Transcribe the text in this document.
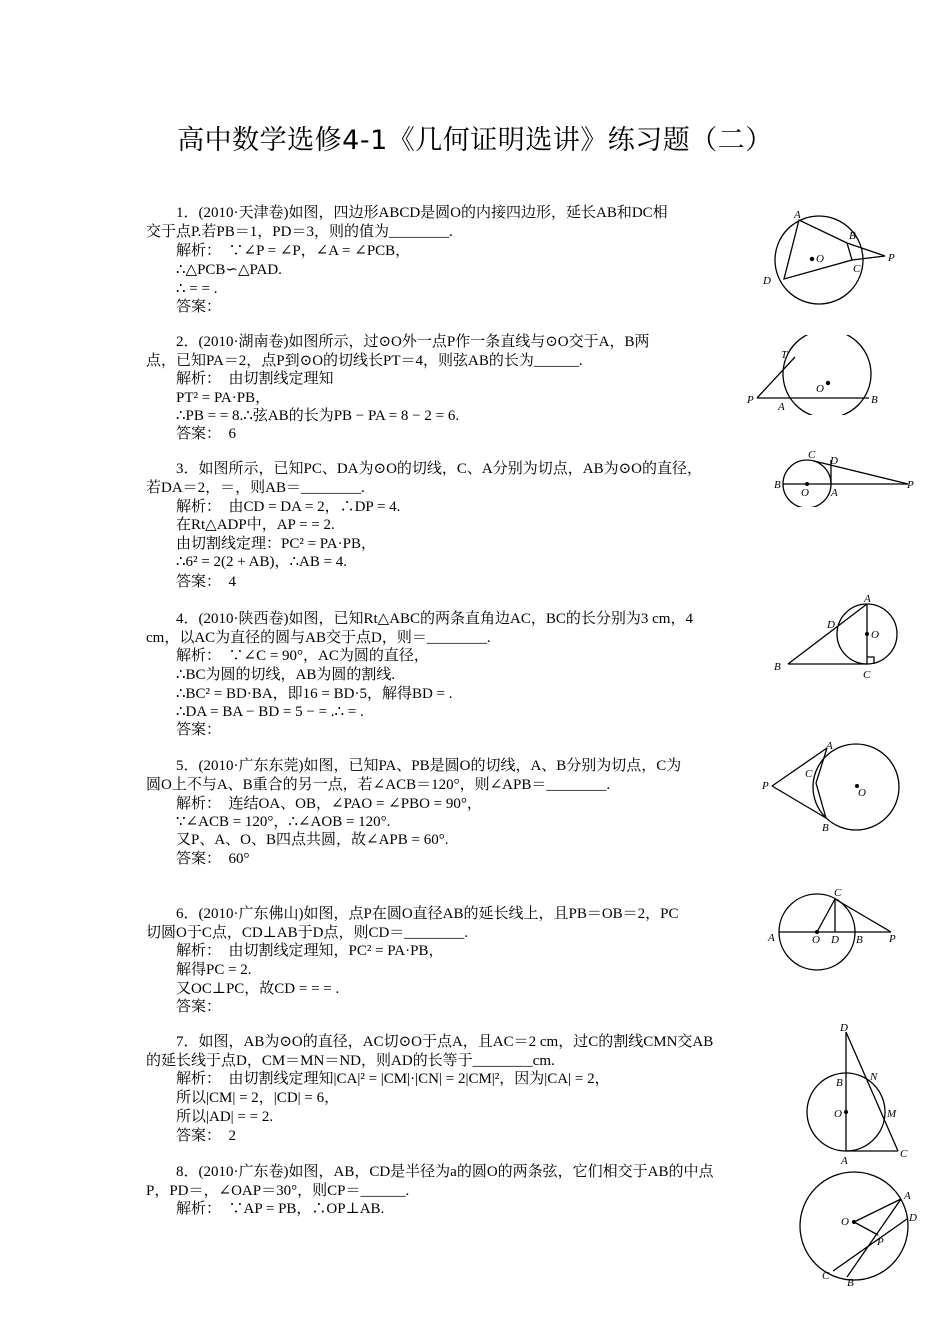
高中数学选修4-1《几何证明选讲》练习题（二）
1．(2010·天津卷)如图，四边形ABCD是圆O的内接四边形，延长AB和DC相
交于点P.若PB＝1，PD＝3，则的值为________.
解析：　∵∠P = ∠P，∠A = ∠PCB，
∴△PCB∽△PAD.
∴ = = .
答案：
A
B
O
C
P
D
2．(2010·湖南卷)如图所示，过⊙O外一点P作一条直线与⊙O交于A，B两
点，已知PA＝2，点P到⊙O的切线长PT＝4，则弦AB的长为______.
解析：　由切割线定理知
PT² = PA·PB，
∴PB = = 8.∴弦AB的长为PB − PA = 8 − 2 = 6.
答案：　6
T
O
P
A
B
3．如图所示，已知PC、DA为⊙O的切线，C、A分别为切点，AB为⊙O的直径，
若DA＝2，＝，则AB＝________.
解析：　由CD = DA = 2，∴DP = 4.
在Rt△ADP中，AP = = 2.
由切割线定理：PC² = PA·PB，
∴6² = 2(2 + AB)，∴AB = 4.
答案：　4
C D
B
O A
P
4．(2010·陕西卷)如图，已知Rt△ABC的两条直角边AC，BC的长分别为3 cm，4
cm，以AC为直径的圆与AB交于点D，则＝________.
解析：　∵∠C = 90°，AC为圆的直径，
∴BC为圆的切线，AB为圆的割线.
∴BC² = BD·BA，即16 = BD·5，解得BD = .
∴DA = BA − BD = 5 − = .∴ = .
答案：
A
D
O
B
C
5．(2010·广东东莞)如图，已知PA、PB是圆O的切线，A、B分别为切点，C为
圆O上不与A、B重合的另一点，若∠ACB＝120°，则∠APB＝________.
解析：　连结OA、OB，∠PAO = ∠PBO = 90°，
∵∠ACB = 120°，∴∠AOB = 120°.
又P、A、O、B四点共圆，故∠APB = 60°.
答案：　60°
A
C
P
O
B
6．(2010·广东佛山)如图，点P在圆O直径AB的延长线上，且PB＝OB＝2，PC
切圆O于C点，CD⊥AB于D点，则CD＝________.
解析：　由切割线定理知，PC² = PA·PB，
解得PC = 2.
又OC⊥PC，故CD = = = .
答案：
C
A	O D B P
7．如图，AB为⊙O的直径，AC切⊙O于点A，且AC＝2 cm，过C的割线CMN交AB
的延长线于点D，CM＝MN＝ND，则AD的长等于________cm.
解析：　由切割线定理知|CA|² = |CM|·|CN| = 2|CM|²，因为|CA| = 2，
所以|CM| = 2，|CD| = 6，
所以|AD| = = 2.
答案：　2
D
N
B
O	M
A
C
8．(2010·广东卷)如图，AB，CD是半径为a的圆O的两条弦，它们相交于AB的中点
P，PD＝，∠OAP＝30°，则CP＝______.
解析：　∵AP = PB，∴OP⊥AB.
A
O	D
P
C
B
